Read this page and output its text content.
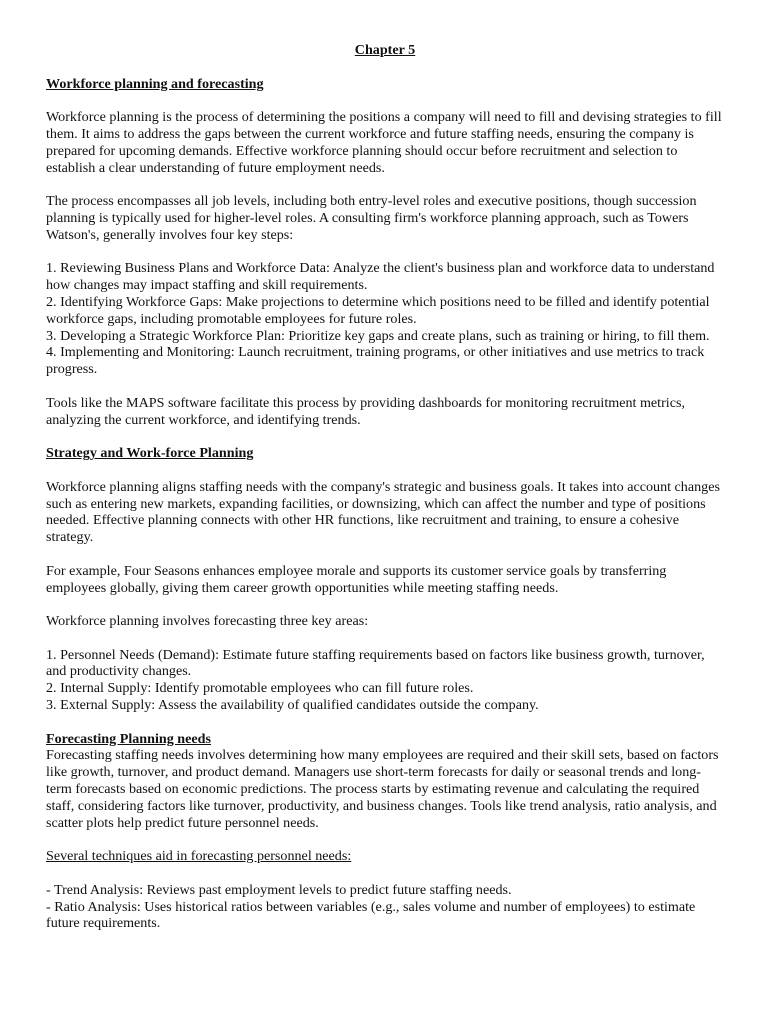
Chapter 5
Workforce planning and forecasting

Workforce planning is the process of determining the positions a company will need to fill and devising strategies to fill them. It aims to address the gaps between the current workforce and future staffing needs, ensuring the company is prepared for upcoming demands. Effective workforce planning should occur before recruitment and selection to establish a clear understanding of future employment needs.

The process encompasses all job levels, including both entry-level roles and executive positions, though succession planning is typically used for higher-level roles. A consulting firm's workforce planning approach, such as Towers Watson's, generally involves four key steps:

1. Reviewing Business Plans and Workforce Data: Analyze the client's business plan and workforce data to understand how changes may impact staffing and skill requirements.
2. Identifying Workforce Gaps: Make projections to determine which positions need to be filled and identify potential workforce gaps, including promotable employees for future roles.
3. Developing a Strategic Workforce Plan: Prioritize key gaps and create plans, such as training or hiring, to fill them.
4. Implementing and Monitoring: Launch recruitment, training programs, or other initiatives and use metrics to track progress.

Tools like the MAPS software facilitate this process by providing dashboards for monitoring recruitment metrics, analyzing the current workforce, and identifying trends.

Strategy and Work-force Planning

Workforce planning aligns staffing needs with the company's strategic and business goals. It takes into account changes such as entering new markets, expanding facilities, or downsizing, which can affect the number and type of positions needed. Effective planning connects with other HR functions, like recruitment and training, to ensure a cohesive strategy.

For example, Four Seasons enhances employee morale and supports its customer service goals by transferring employees globally, giving them career growth opportunities while meeting staffing needs.

Workforce planning involves forecasting three key areas:

1. Personnel Needs (Demand): Estimate future staffing requirements based on factors like business growth, turnover, and productivity changes.
2. Internal Supply: Identify promotable employees who can fill future roles.
3. External Supply: Assess the availability of qualified candidates outside the company.
Forecasting Planning needs

Forecasting staffing needs involves determining how many employees are required and their skill sets, based on factors like growth, turnover, and product demand. Managers use short-term forecasts for daily or seasonal trends and long-term forecasts based on economic predictions. The process starts by estimating revenue and calculating the required staff, considering factors like turnover, productivity, and business changes. Tools like trend analysis, ratio analysis, and scatter plots help predict future personnel needs.

Several techniques aid in forecasting personnel needs:
- Trend Analysis: Reviews past employment levels to predict future staffing needs.
- Ratio Analysis: Uses historical ratios between variables (e.g., sales volume and number of employees) to estimate future requirements.
